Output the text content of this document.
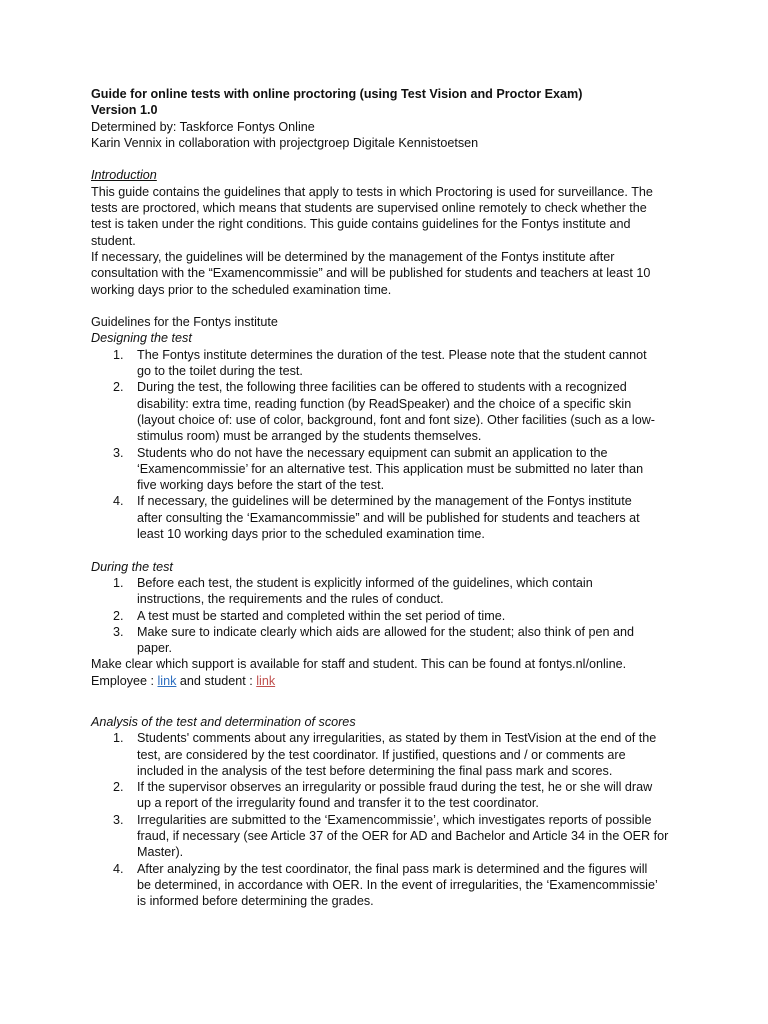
Guide for online tests with online proctoring (using Test Vision and Proctor Exam)
Version 1.0
Determined by: Taskforce Fontys Online
Karin Vennix in collaboration with projectgroep Digitale Kennistoetsen
Introduction
This guide contains the guidelines that apply to tests in which Proctoring is used for surveillance. The
tests are proctored, which means that students are supervised online remotely to check whether the
test is taken under the right conditions. This guide contains guidelines for the Fontys institute and
student.
If necessary, the guidelines will be determined by the management of the Fontys institute after
consultation with the “Examencommissie” and will be published for students and teachers at least 10
working days prior to the scheduled examination time.
Guidelines for the Fontys institute
Designing the test
1. The Fontys institute determines the duration of the test. Please note that the student cannot
go to the toilet during the test.
2. During the test, the following three facilities can be offered to students with a recognized
disability: extra time, reading function (by ReadSpeaker) and the choice of a specific skin
(layout choice of: use of color, background, font and font size). Other facilities (such as a low-
stimulus room) must be arranged by the students themselves.
3. Students who do not have the necessary equipment can submit an application to the
‘Examencommissie’ for an alternative test. This application must be submitted no later than
five working days before the start of the test.
4. If necessary, the guidelines will be determined by the management of the Fontys institute
after consulting the ‘Examancommissie” and will be published for students and teachers at
least 10 working days prior to the scheduled examination time.
During the test
1. Before each test, the student is explicitly informed of the guidelines, which contain
instructions, the requirements and the rules of conduct.
2. A test must be started and completed within the set period of time.
3. Make sure to indicate clearly which aids are allowed for the student; also think of pen and
paper.
Make clear which support is available for staff and student. This can be found at fontys.nl/online.
Employee : link and student : link
Analysis of the test and determination of scores
1. Students' comments about any irregularities, as stated by them in TestVision at the end of the
test, are considered by the test coordinator. If justified, questions and / or comments are
included in the analysis of the test before determining the final pass mark and scores.
2. If the supervisor observes an irregularity or possible fraud during the test, he or she will draw
up a report of the irregularity found and transfer it to the test coordinator.
3. Irregularities are submitted to the ‘Examencommissie’, which investigates reports of possible
fraud, if necessary (see Article 37 of the OER for AD and Bachelor and Article 34 in the OER for
Master).
4. After analyzing by the test coordinator, the final pass mark is determined and the figures will
be determined, in accordance with OER. In the event of irregularities, the ‘Examencommissie’
is informed before determining the grades.
